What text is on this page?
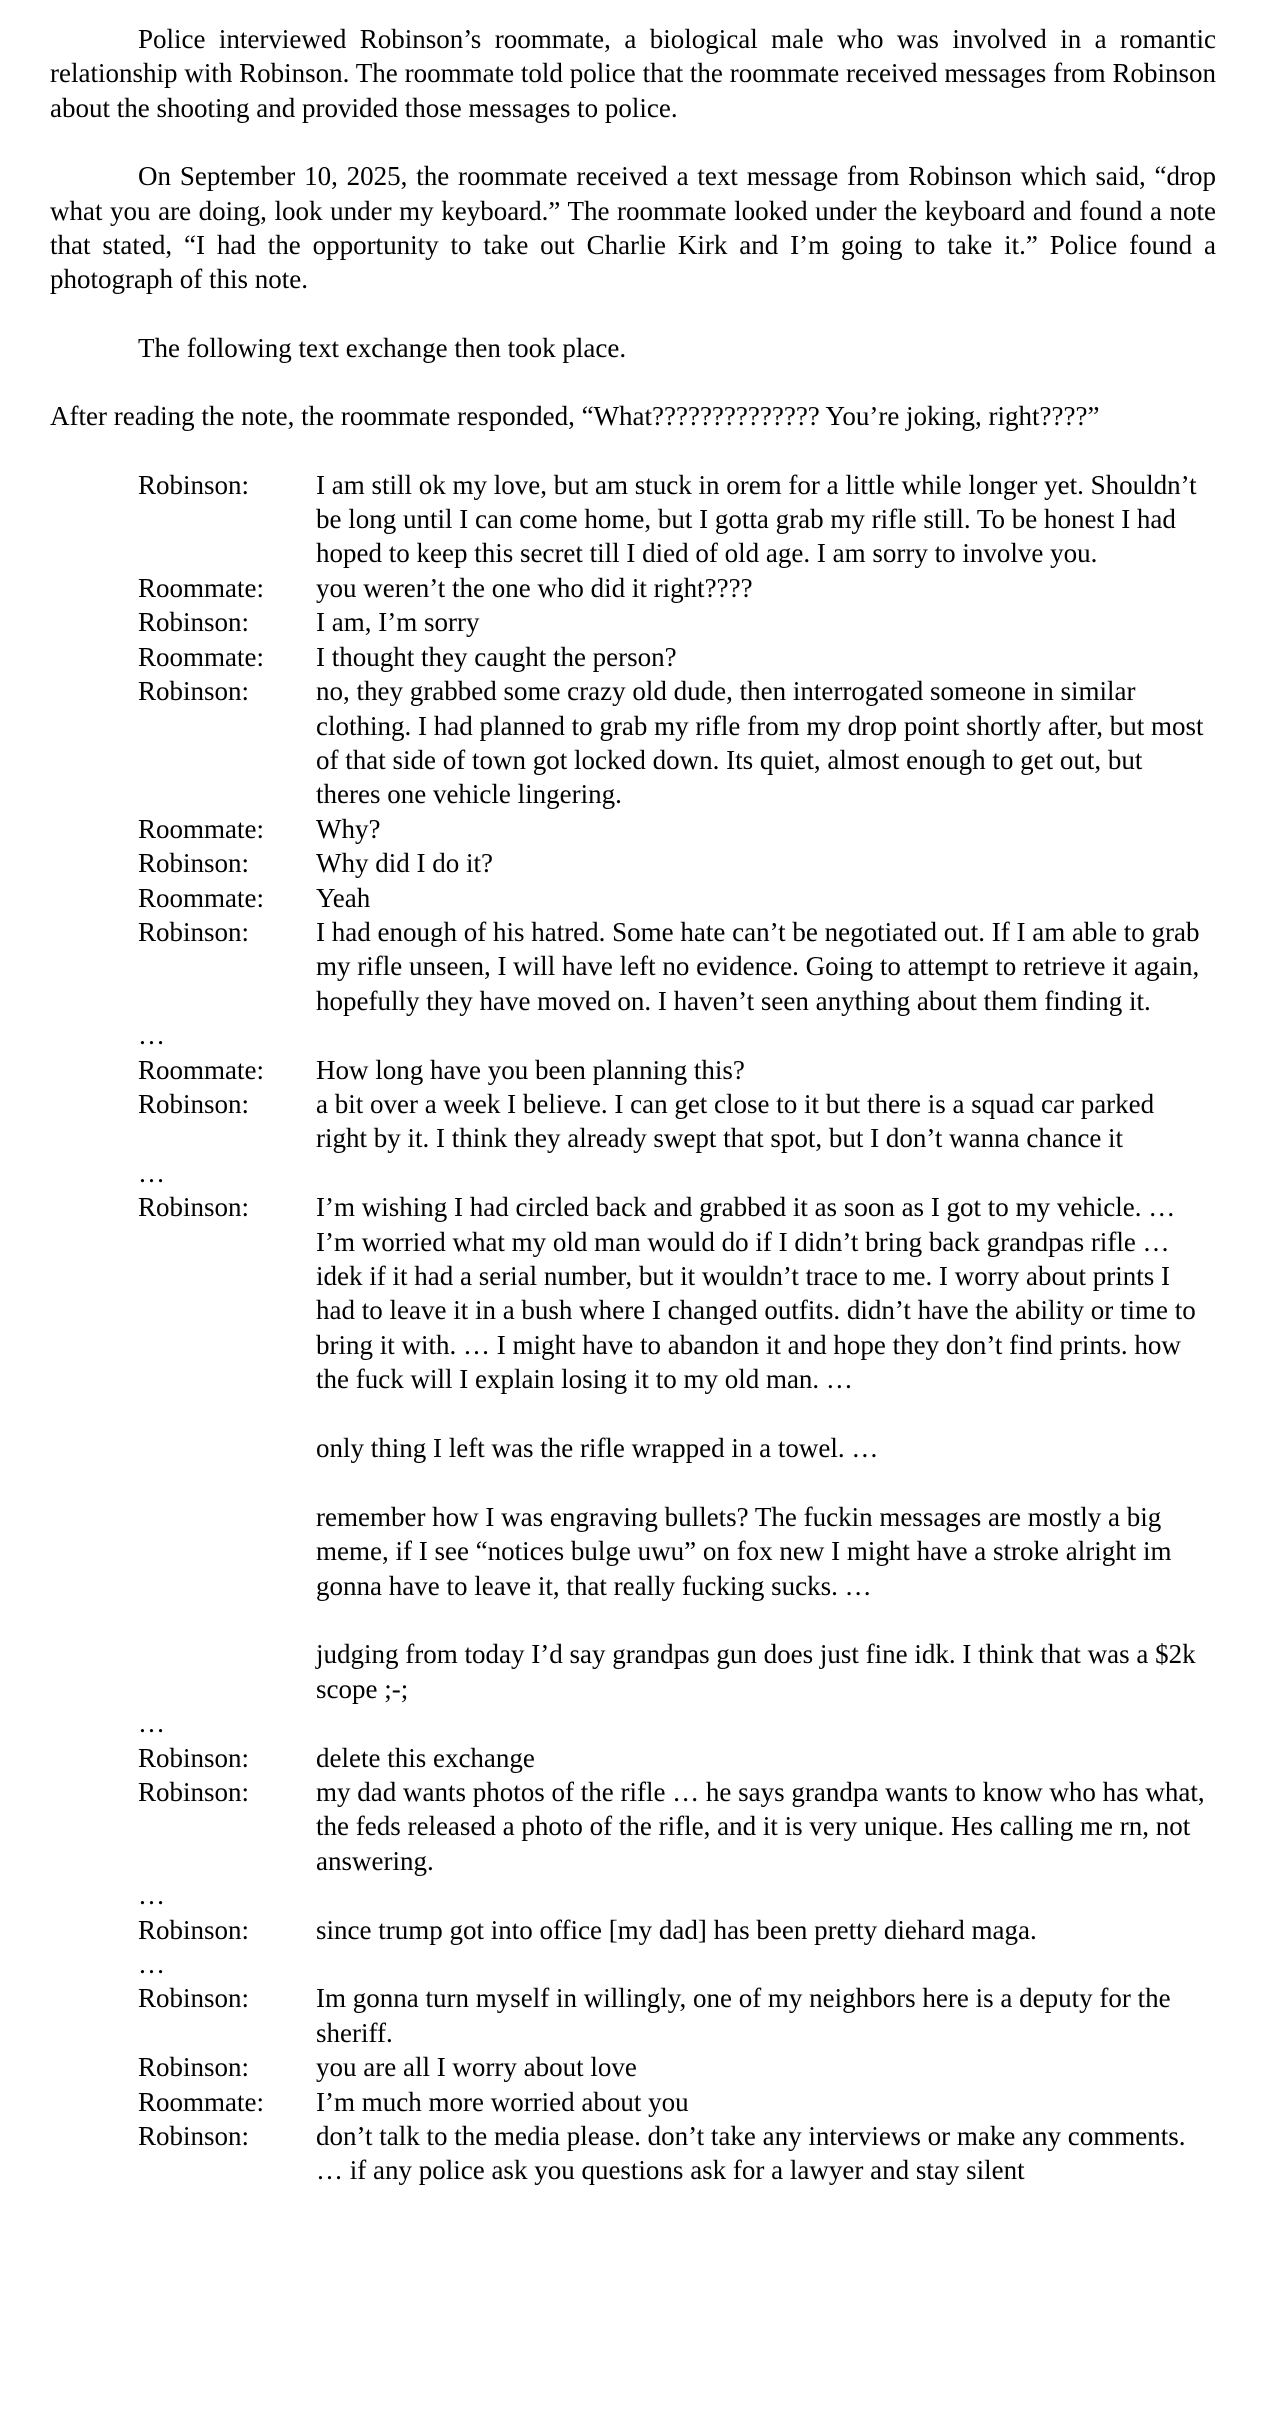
Police interviewed Robinson’s roommate, a biological male who was involved in a romantic relationship with Robinson. The roommate told police that the roommate received messages from Robinson about the shooting and provided those messages to police.

On September 10, 2025, the roommate received a text message from Robinson which said, “drop what you are doing, look under my keyboard.” The roommate looked under the keyboard and found a note that stated, “I had the opportunity to take out Charlie Kirk and I’m going to take it.” Police found a photograph of this note.

The following text exchange then took place.

After reading the note, the roommate responded, “What?????????????? You’re joking, right????”

Robinson:	I am still ok my love, but am stuck in orem for a little while longer yet. Shouldn’t be long until I can come home, but I gotta grab my rifle still. To be honest I had hoped to keep this secret till I died of old age. I am sorry to involve you.

Roommate:	you weren’t the one who did it right????

Robinson:	I am, I’m sorry

Roommate:	I thought they caught the person?

Robinson:	no, they grabbed some crazy old dude, then interrogated someone in similar clothing. I had planned to grab my rifle from my drop point shortly after, but most of that side of town got locked down. Its quiet, almost enough to get out, but theres one vehicle lingering.

Roommate:	Why?

Robinson:	Why did I do it?

Roommate:	Yeah

Robinson:	I had enough of his hatred. Some hate can’t be negotiated out. If I am able to grab my rifle unseen, I will have left no evidence. Going to attempt to retrieve it again, hopefully they have moved on. I haven’t seen anything about them finding it.

…
Roommate:	How long have you been planning this?

Robinson:	a bit over a week I believe. I can get close to it but there is a squad car parked right by it. I think they already swept that spot, but I don’t wanna chance it

…
Robinson:	I’m wishing I had circled back and grabbed it as soon as I got to my vehicle. … I’m worried what my old man would do if I didn’t bring back grandpas rifle … idek if it had a serial number, but it wouldn’t trace to me. I worry about prints I had to leave it in a bush where I changed outfits. didn’t have the ability or time to bring it with. … I might have to abandon it and hope they don’t find prints. how the fuck will I explain losing it to my old man. …

only thing I left was the rifle wrapped in a towel. …

remember how I was engraving bullets? The fuckin messages are mostly a big meme, if I see “notices bulge uwu” on fox new I might have a stroke alright im gonna have to leave it, that really fucking sucks. …

judging from today I’d say grandpas gun does just fine idk. I think that was a $2k scope ;-;

…
Robinson:	delete this exchange

Robinson:	my dad wants photos of the rifle … he says grandpa wants to know who has what, the feds released a photo of the rifle, and it is very unique. Hes calling me rn, not answering.

…
Robinson:	since trump got into office [my dad] has been pretty diehard maga.

…
Robinson:	Im gonna turn myself in willingly, one of my neighbors here is a deputy for the sheriff.

Robinson:	you are all I worry about love

Roommate:	I’m much more worried about you

Robinson:	don’t talk to the media please. don’t take any interviews or make any comments. … if any police ask you questions ask for a lawyer and stay silent
